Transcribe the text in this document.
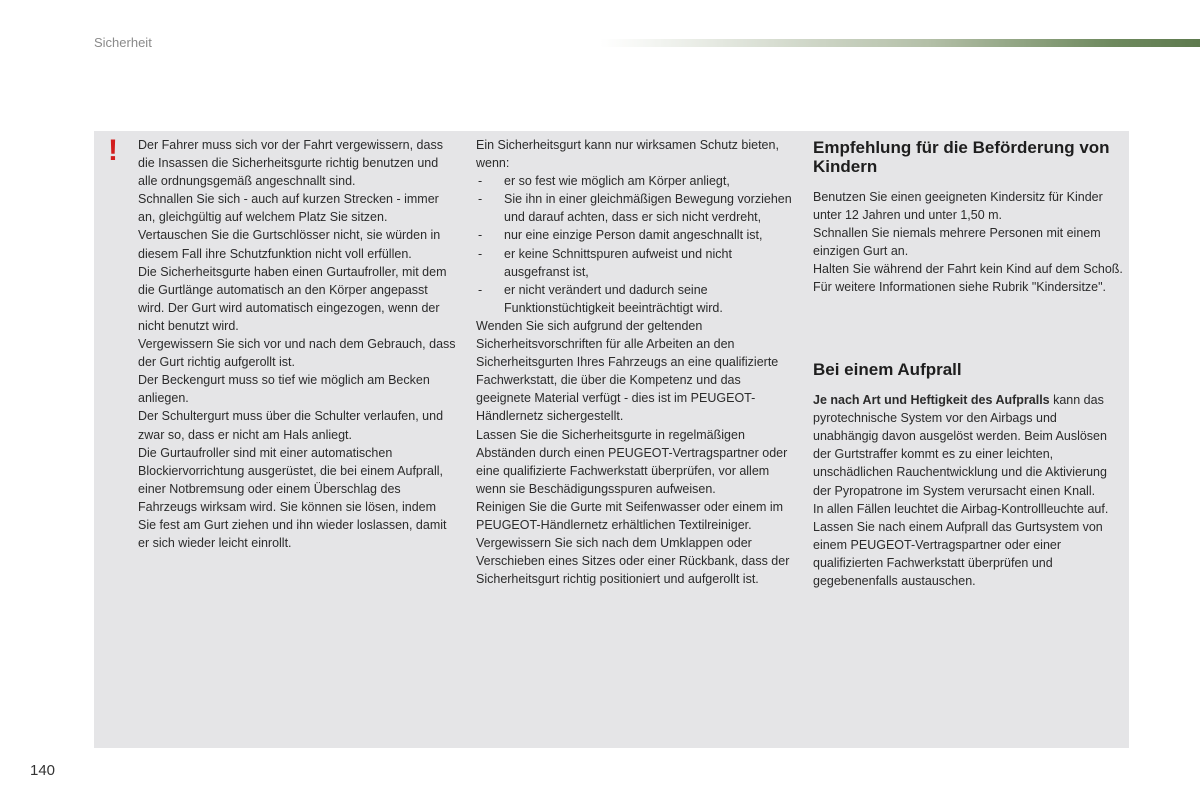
Sicherheit
! Der Fahrer muss sich vor der Fahrt vergewissern, dass die Insassen die Sicherheitsgurte richtig benutzen und alle ordnungsgemäß angeschnallt sind.

Schnallen Sie sich - auch auf kurzen Strecken - immer an, gleichgültig auf welchem Platz Sie sitzen.

Vertauschen Sie die Gurtschlösser nicht, sie würden in diesem Fall ihre Schutzfunktion nicht voll erfüllen.

Die Sicherheitsgurte haben einen Gurtaufroller, mit dem die Gurtlänge automatisch an den Körper angepasst wird. Der Gurt wird automatisch eingezogen, wenn der nicht benutzt wird.

Vergewissern Sie sich vor und nach dem Gebrauch, dass der Gurt richtig aufgerollt ist.

Der Beckengurt muss so tief wie möglich am Becken anliegen.

Der Schultergurt muss über die Schulter verlaufen, und zwar so, dass er nicht am Hals anliegt.

Die Gurtaufroller sind mit einer automatischen Blockiervorrichtung ausgerüstet, die bei einem Aufprall, einer Notbremsung oder einem Überschlag des Fahrzeugs wirksam wird. Sie können sie lösen, indem Sie fest am Gurt ziehen und ihn wieder loslassen, damit er sich wieder leicht einrollt.

Ein Sicherheitsgurt kann nur wirksamen Schutz bieten, wenn:

- er so fest wie möglich am Körper anliegt,
- Sie ihn in einer gleichmäßigen Bewegung vorziehen und darauf achten, dass er sich nicht verdreht,
- nur eine einzige Person damit angeschnallt ist,
- er keine Schnittspuren aufweist und nicht ausgefranst ist,
- er nicht verändert und dadurch seine Funktionstüchtigkeit beeinträchtigt wird.

Wenden Sie sich aufgrund der geltenden Sicherheitsvorschriften für alle Arbeiten an den Sicherheitsgurten Ihres Fahrzeugs an eine qualifizierte Fachwerkstatt, die über die Kompetenz und das geeignete Material verfügt - dies ist im PEUGEOT-Händlernetz sichergestellt.

Lassen Sie die Sicherheitsgurte in regelmäßigen Abständen durch einen PEUGEOT-Vertragspartner oder eine qualifizierte Fachwerkstatt überprüfen, vor allem wenn sie Beschädigungsspuren aufweisen.

Reinigen Sie die Gurte mit Seifenwasser oder einem im PEUGEOT-Händlernetz erhältlichen Textilreiniger.

Vergewissern Sie sich nach dem Umklappen oder Verschieben eines Sitzes oder einer Rückbank, dass der Sicherheitsgurt richtig positioniert und aufgerollt ist.

Empfehlung für die Beförderung von Kindern

Benutzen Sie einen geeigneten Kindersitz für Kinder unter 12 Jahren und unter 1,50 m.

Schnallen Sie niemals mehrere Personen mit einem einzigen Gurt an.

Halten Sie während der Fahrt kein Kind auf dem Schoß.

Für weitere Informationen siehe Rubrik "Kindersitze".

Bei einem Aufprall

Je nach Art und Heftigkeit des Aufpralls kann das pyrotechnische System vor den Airbags und unabhängig davon ausgelöst werden. Beim Auslösen der Gurtstraffer kommt es zu einer leichten, unschädlichen Rauchentwicklung und die Aktivierung der Pyropatrone im System verursacht einen Knall.

In allen Fällen leuchtet die Airbag-Kontrollleuchte auf.

Lassen Sie nach einem Aufprall das Gurtsystem von einem PEUGEOT-Vertragspartner oder einer qualifizierten Fachwerkstatt überprüfen und gegebenenfalls austauschen.

140
